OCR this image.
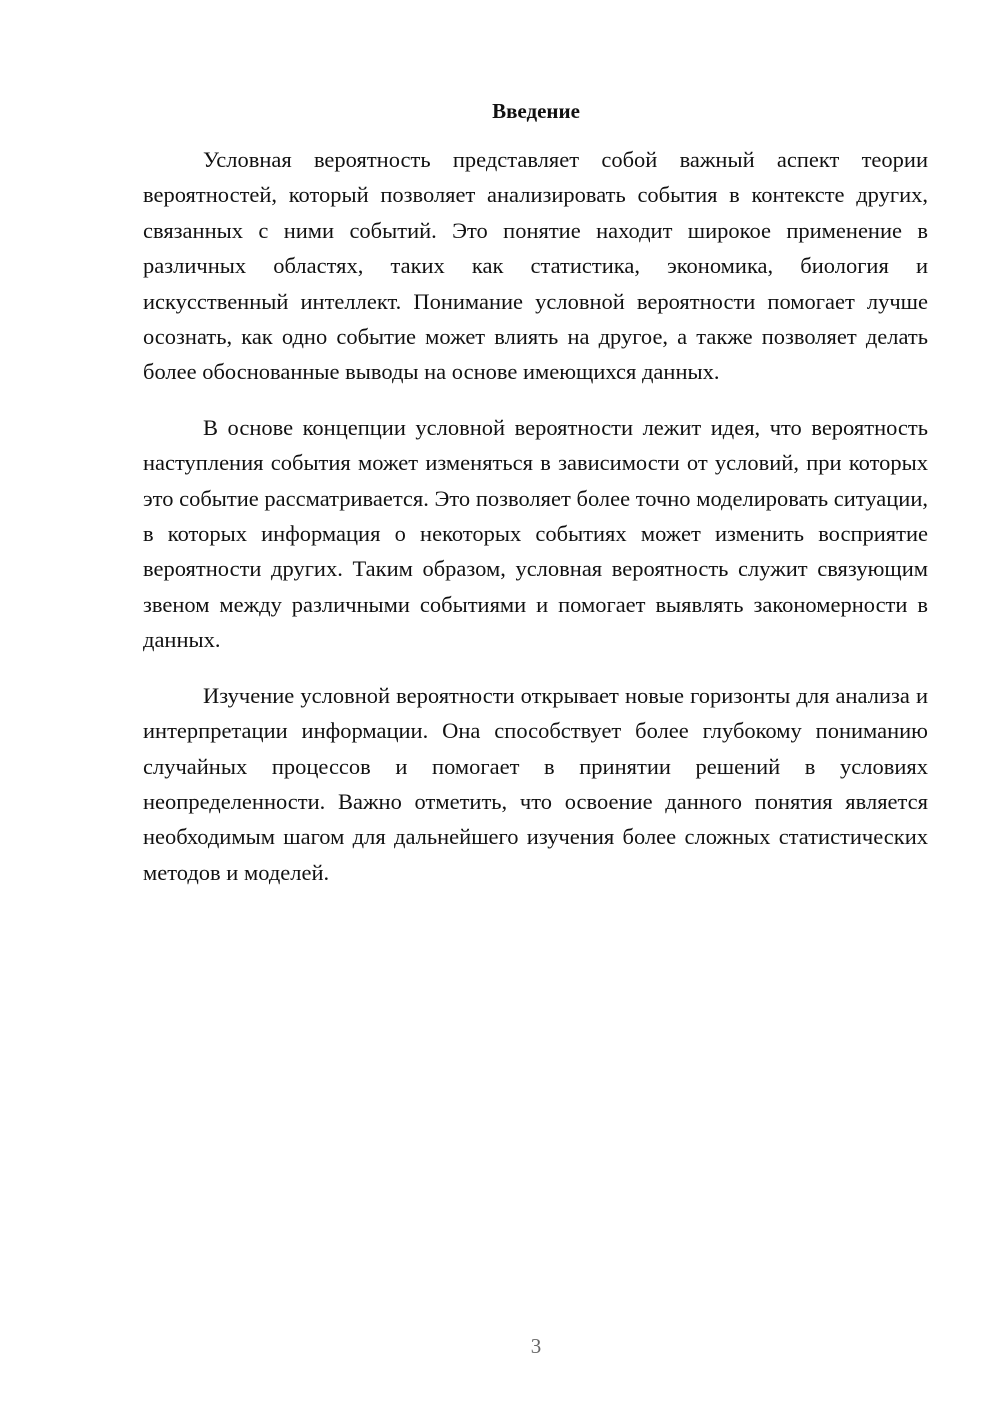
Введение

Условная вероятность представляет собой важный аспект теории вероятностей, который позволяет анализировать события в контексте других, связанных с ними событий. Это понятие находит широкое применение в различных областях, таких как статистика, экономика, биология и искусственный интеллект. Понимание условной вероятности помогает лучше осознать, как одно событие может влиять на другое, а также позволяет делать более обоснованные выводы на основе имеющихся данных.

В основе концепции условной вероятности лежит идея, что вероятность наступления события может изменяться в зависимости от условий, при которых это событие рассматривается. Это позволяет более точно моделировать ситуации, в которых информация о некоторых событиях может изменить восприятие вероятности других. Таким образом, условная вероятность служит связующим звеном между различными событиями и помогает выявлять закономерности в данных.

Изучение условной вероятности открывает новые горизонты для анализа и интерпретации информации. Она способствует более глубокому пониманию случайных процессов и помогает в принятии решений в условиях неопределенности. Важно отметить, что освоение данного понятия является необходимым шагом для дальнейшего изучения более сложных статистических методов и моделей.

3
